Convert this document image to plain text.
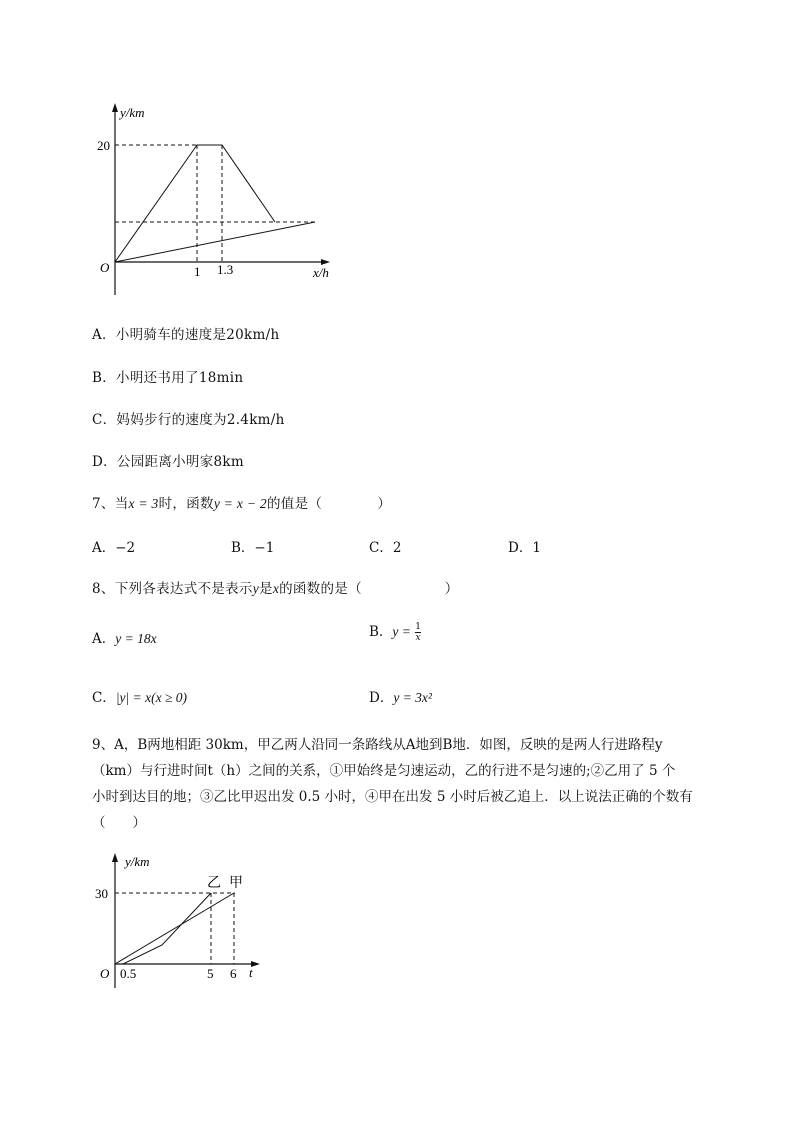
y/km
20
O	1 1.3	x/h
A．小明骑车的速度是20km/h
B．小明还书用了18min
C．妈妈步行的速度为2.4km/h
D．公园距离小明家8km
7、当x = 3时，函数y = x − 2的值是（　　　　）
A．−2	B．−1	C．2	D．1
8、下列各表达式不是表示y是x的函数的是（　　　　　　）
A．y = 18x	B．$y = \frac{1}{x}$
C．|y| = x(x ≥ 0)	D．y = 3x²
9、A，B两地相距 30km，甲乙两人沿同一条路线从A地到B地．如图，反映的是两人行进路程y
（km）与行进时间t（h）之间的关系，①甲始终是匀速运动，乙的行进不是匀速的;②乙用了 5 个
小时到达目的地；③乙比甲迟出发 0.5 小时，④甲在出发 5 小时后被乙追上．以上说法正确的个数有
（　　）
y/km
30
乙 甲
O 0.5	5 6 t
